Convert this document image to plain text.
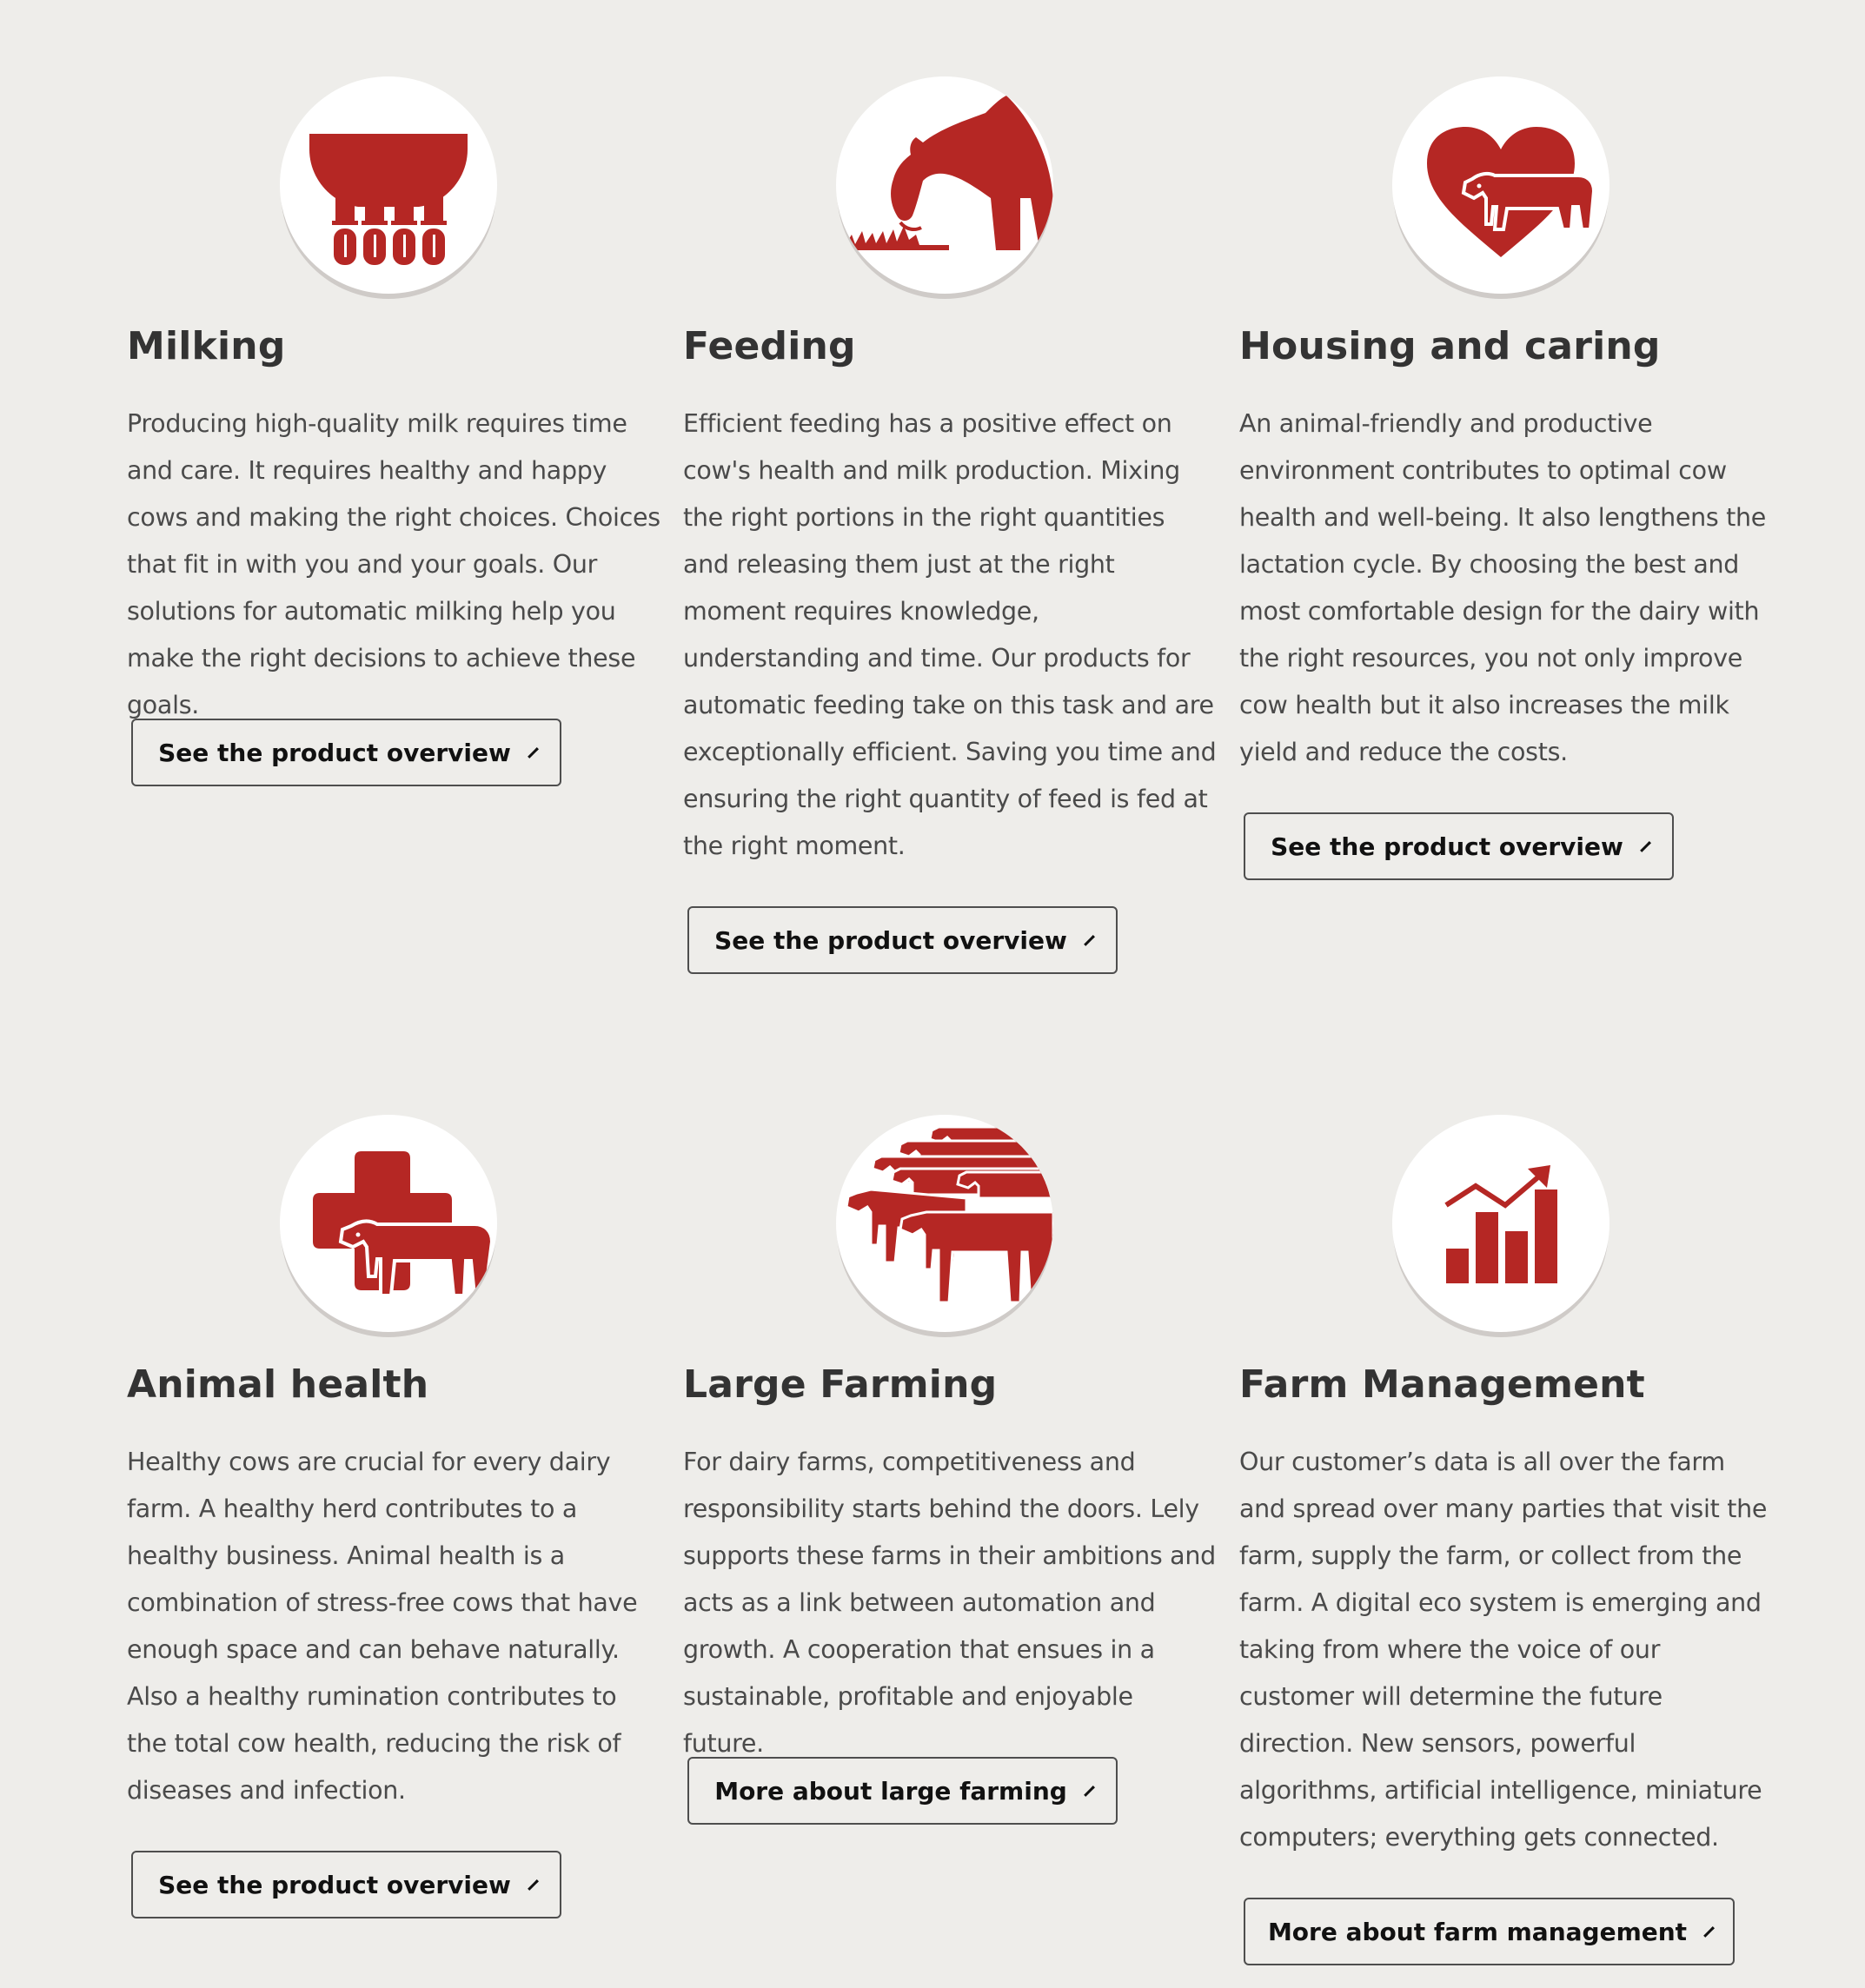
Milking

Producing high-quality milk requires time and care. It requires healthy and happy cows and making the right choices. Choices that fit in with you and your goals. Our solutions for automatic milking help you make the right decisions to achieve these goals.

See the product overview
Feeding

Efficient feeding has a positive effect on cow's health and milk production. Mixing the right portions in the right quantities and releasing them just at the right moment requires knowledge, understanding and time. Our products for automatic feeding take on this task and are exceptionally efficient. Saving you time and ensuring the right quantity of feed is fed at the right moment.

See the product overview
Housing and caring

An animal-friendly and productive environment contributes to optimal cow health and well-being. It also lengthens the lactation cycle. By choosing the best and most comfortable design for the dairy with the right resources, you not only improve cow health but it also increases the milk yield and reduce the costs.

See the product overview
Animal health

Healthy cows are crucial for every dairy farm. A healthy herd contributes to a healthy business. Animal health is a combination of stress-free cows that have enough space and can behave naturally. Also a healthy rumination contributes to the total cow health, reducing the risk of diseases and infection.

See the product overview
Large Farming

For dairy farms, competitiveness and responsibility starts behind the doors. Lely supports these farms in their ambitions and acts as a link between automation and growth. A cooperation that ensues in a sustainable, profitable and enjoyable future.

More about large farming
Farm Management

Our customer’s data is all over the farm and spread over many parties that visit the farm, supply the farm, or collect from the farm. A digital eco system is emerging and taking from where the voice of our customer will determine the future direction. New sensors, powerful algorithms, artificial intelligence, miniature computers; everything gets connected.

More about farm management
